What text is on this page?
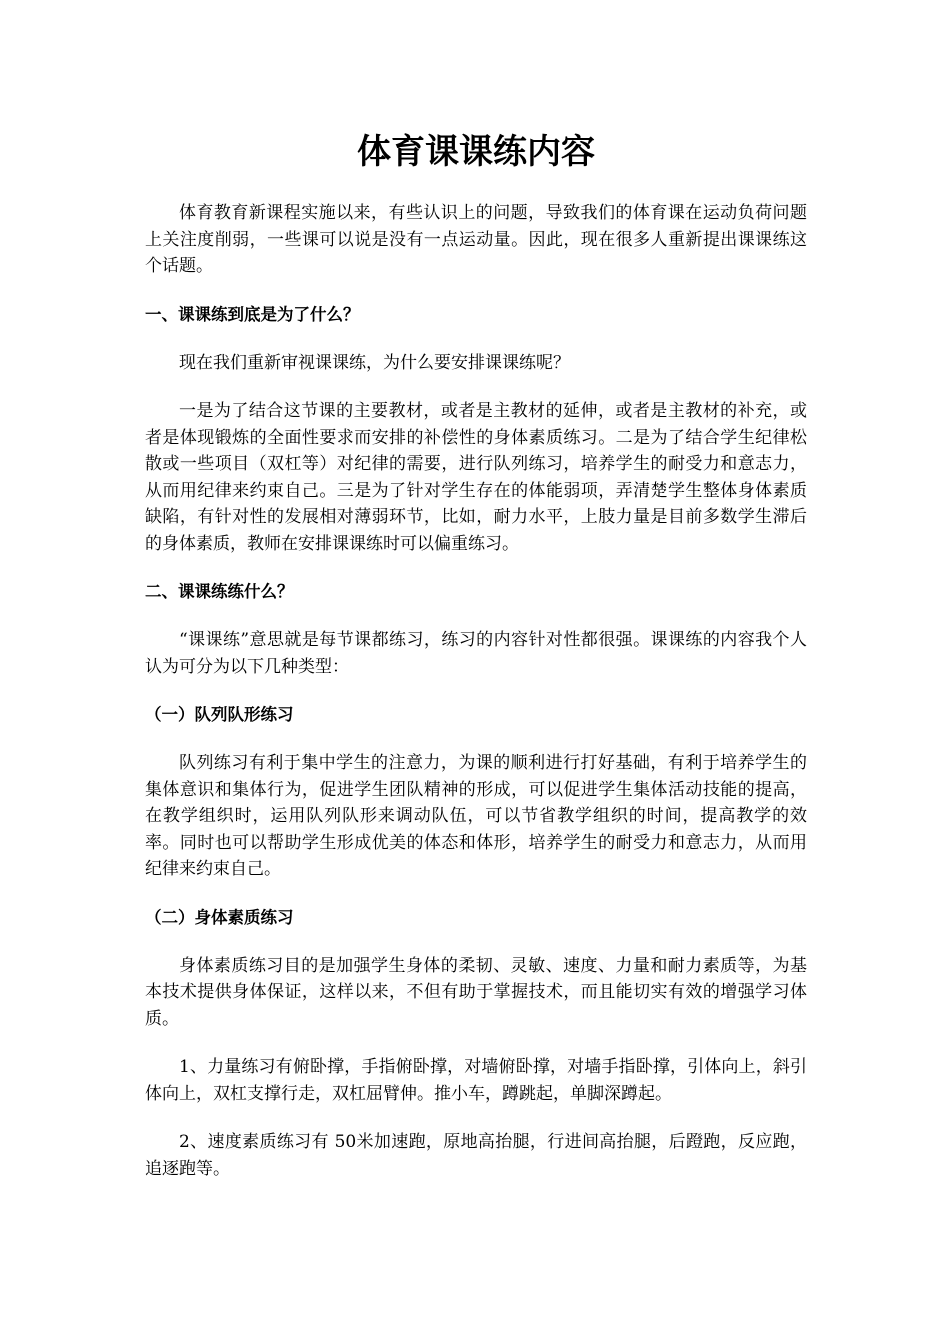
体育课课练内容

体育教育新课程实施以来，有些认识上的问题，导致我们的体育课在运动负荷问题上关注度削弱，一些课可以说是没有一点运动量。因此，现在很多人重新提出课课练这个话题。

一、课课练到底是为了什么？

现在我们重新审视课课练，为什么要安排课课练呢？

一是为了结合这节课的主要教材，或者是主教材的延伸，或者是主教材的补充，或者是体现锻炼的全面性要求而安排的补偿性的身体素质练习。二是为了结合学生纪律松散或一些项目（双杠等）对纪律的需要，进行队列练习，培养学生的耐受力和意志力，从而用纪律来约束自己。三是为了针对学生存在的体能弱项，弄清楚学生整体身体素质缺陷，有针对性的发展相对薄弱环节，比如，耐力水平，上肢力量是目前多数学生滞后的身体素质，教师在安排课课练时可以偏重练习。

二、课课练练什么？

“课课练”意思就是每节课都练习，练习的内容针对性都很强。课课练的内容我个人认为可分为以下几种类型：

（一）队列队形练习

队列练习有利于集中学生的注意力，为课的顺利进行打好基础，有利于培养学生的集体意识和集体行为，促进学生团队精神的形成，可以促进学生集体活动技能的提高，在教学组织时，运用队列队形来调动队伍，可以节省教学组织的时间，提高教学的效率。同时也可以帮助学生形成优美的体态和体形，培养学生的耐受力和意志力，从而用纪律来约束自己。

（二）身体素质练习

身体素质练习目的是加强学生身体的柔韧、灵敏、速度、力量和耐力素质等，为基本技术提供身体保证，这样以来，不但有助于掌握技术，而且能切实有效的增强学习体质。

1、力量练习有俯卧撑，手指俯卧撑，对墙俯卧撑，对墙手指卧撑，引体向上，斜引体向上，双杠支撑行走，双杠屈臂伸。推小车，蹲跳起，单脚深蹲起。

2、速度素质练习有 50米加速跑，原地高抬腿，行进间高抬腿，后蹬跑，反应跑，追逐跑等。
